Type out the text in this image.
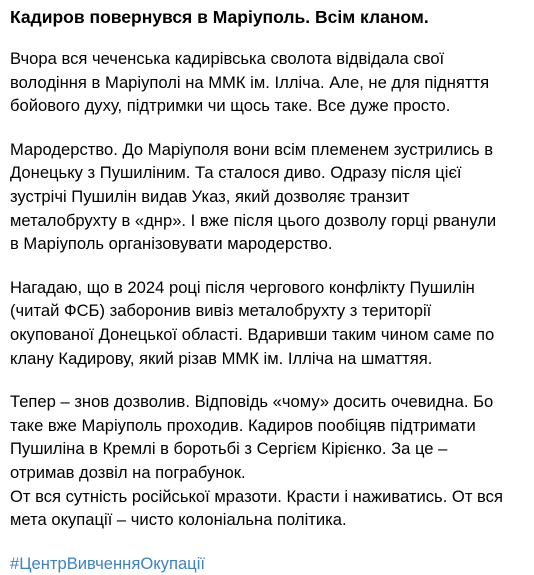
Кадиров повернувся в Маріуполь. Всім кланом.
Вчора вся чеченська кадирівська сволота відвідала свої
володіння в Маріуполі на ММК ім. Ілліча. Але, не для підняття
бойового духу, підтримки чи щось таке. Все дуже просто.
Мародерство. До Маріуполя вони всім племенем зустрились в
Донецьку з Пушиліним. Та сталося диво. Одразу після цієї
зустрічі Пушилін видав Указ, який дозволяє транзит
металобрухту в «днр». І вже після цього дозволу горці рванули
в Маріуполь організовувати мародерство.
Нагадаю, що в 2024 році після чергового конфлікту Пушилін
(читай ФСБ) заборонив вивіз металобрухту з території
окупованої Донецької області. Вдаривши таким чином саме по
клану Кадирову, який різав ММК ім. Ілліча на шматтяя.
Тепер – знов дозволив. Відповідь «чому» досить очевидна. Бо
таке вже Маріуполь проходив. Кадиров пообіцяв підтримати
Пушиліна в Кремлі в боротьбі з Сергієм Кірієнко. За це –
отримав дозвіл на пограбунок.
От вся сутність російської мразоти. Красти і наживатись. От вся
мета окупації – чисто колоніальна політика.
#ЦентрВивченняОкупації
